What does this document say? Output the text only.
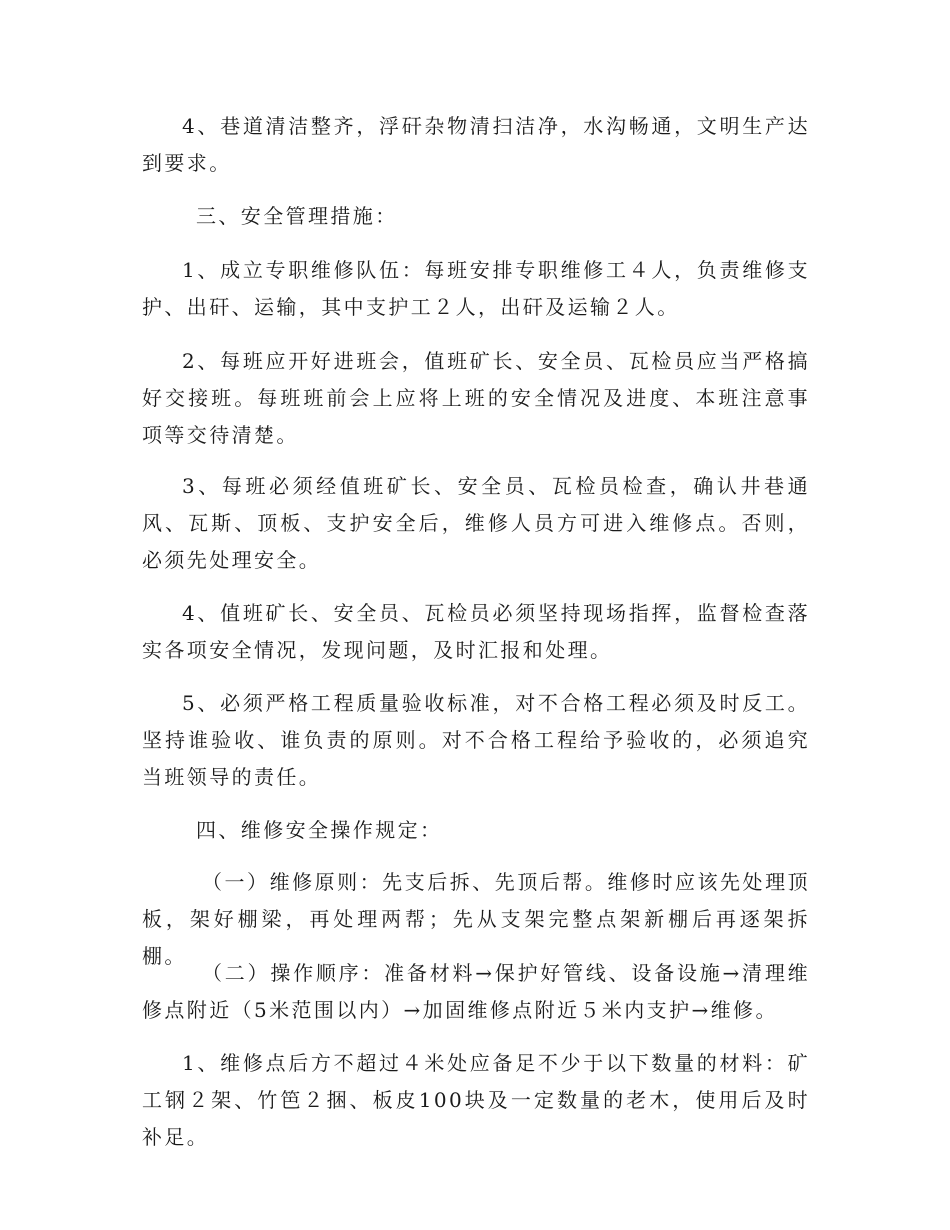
4、巷道清洁整齐，浮矸杂物清扫洁净，水沟畅通，文明生产达到要求。

三、安全管理措施：

1、成立专职维修队伍：每班安排专职维修工４人，负责维修支护、出矸、运输，其中支护工２人，出矸及运输２人。

2、每班应开好进班会，值班矿长、安全员、瓦检员应当严格搞好交接班。每班班前会上应将上班的安全情况及进度、本班注意事项等交待清楚。

3、每班必须经值班矿长、安全员、瓦检员检查，确认井巷通风、瓦斯、顶板、支护安全后，维修人员方可进入维修点。否则，必须先处理安全。

4、值班矿长、安全员、瓦检员必须坚持现场指挥，监督检查落实各项安全情况，发现问题，及时汇报和处理。

5、必须严格工程质量验收标准，对不合格工程必须及时反工。坚持谁验收、谁负责的原则。对不合格工程给予验收的，必须追究当班领导的责任。

四、维修安全操作规定：

（一）维修原则：先支后拆、先顶后帮。维修时应该先处理顶板，架好棚梁，再处理两帮；先从支架完整点架新棚后再逐架拆棚。

（二）操作顺序：准备材料→保护好管线、设备设施→清理维修点附近（5米范围以内）→加固维修点附近５米内支护→维修。

1、维修点后方不超过４米处应备足不少于以下数量的材料：矿工钢２架、竹笆２捆、板皮100块及一定数量的老木，使用后及时补足。
